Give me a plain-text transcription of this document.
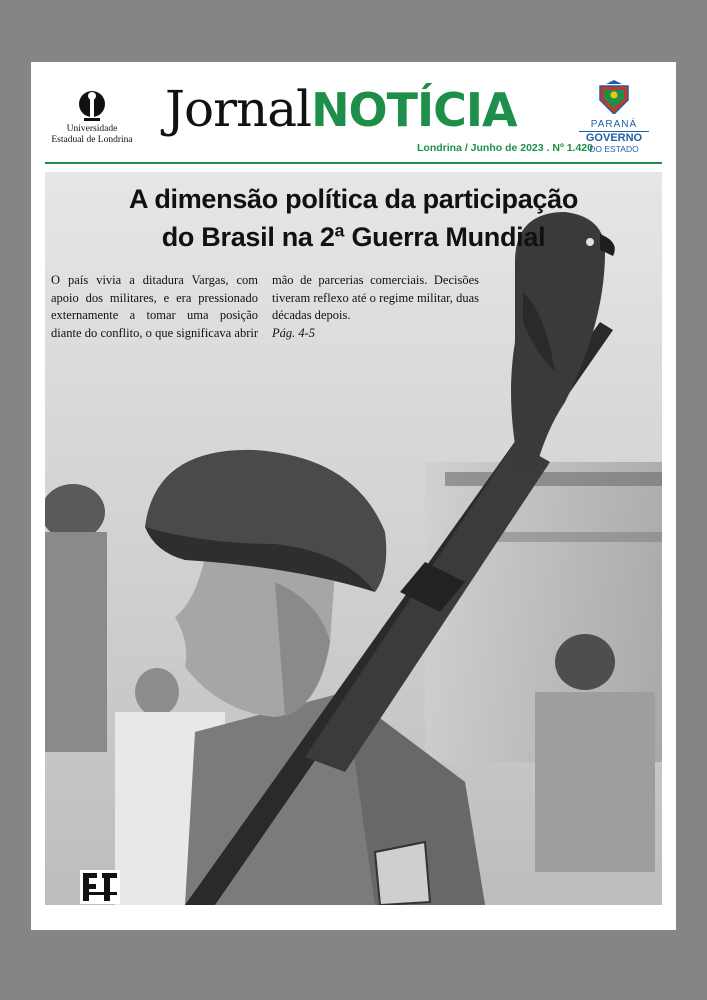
Universidade
Estadual de Londrina
JornalNOTÍCIA
Londrina / Junho de 2023 . Nº 1.420
PARANÁ
GOVERNO
DO ESTADO
A dimensão política da participação
do Brasil na 2ª Guerra Mundial
O país vivia a ditadura Vargas, com apoio dos militares, e era pressionado externamente a tomar uma posição diante do conflito, o que significava abrir mão de parcerias comerciais. Decisões tiveram reflexo até o regime militar, duas décadas depois.
Pág. 4-5
